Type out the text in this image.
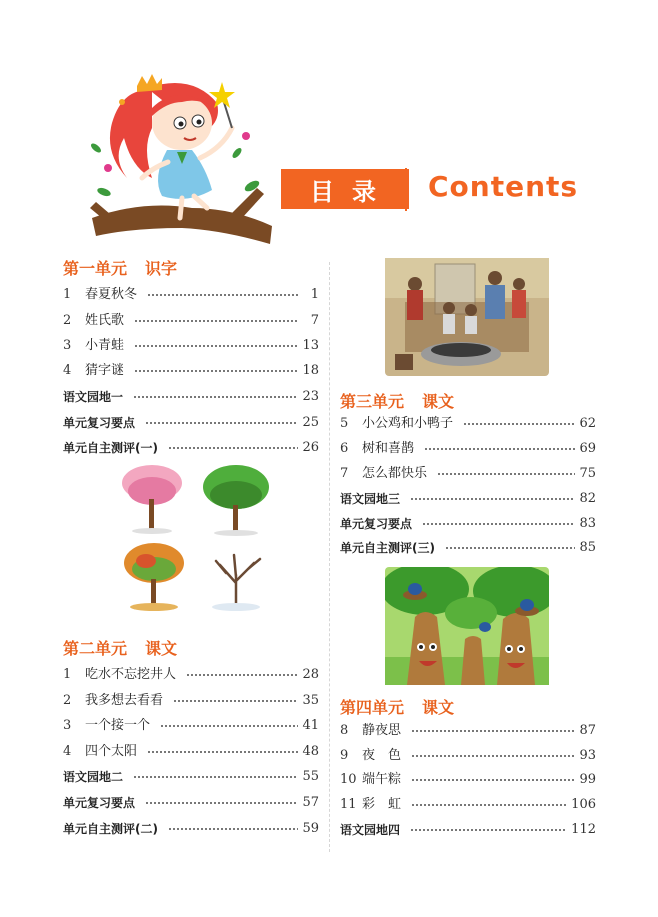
目录	Contents
第一单元 识字
1	春夏秋冬	1
2	姓氏歌	7
3	小青蛙	13
4	猜字谜	18
语文园地一	23
单元复习要点	25
单元自主测评(一)	26
第二单元 课文
1	吃水不忘挖井人	28
2	我多想去看看	35
3	一个接一个	41
4	四个太阳	48
语文园地二	55
单元复习要点	57
单元自主测评(二)	59
第三单元 课文
5	小公鸡和小鸭子	62
6	树和喜鹊	69
7	怎么都快乐	75
语文园地三	82
单元复习要点	83
单元自主测评(三)	85
第四单元 课文
8	静夜思	87
9	夜　色	93
10 端午粽	99
11 彩　虹	106
语文园地四	112
